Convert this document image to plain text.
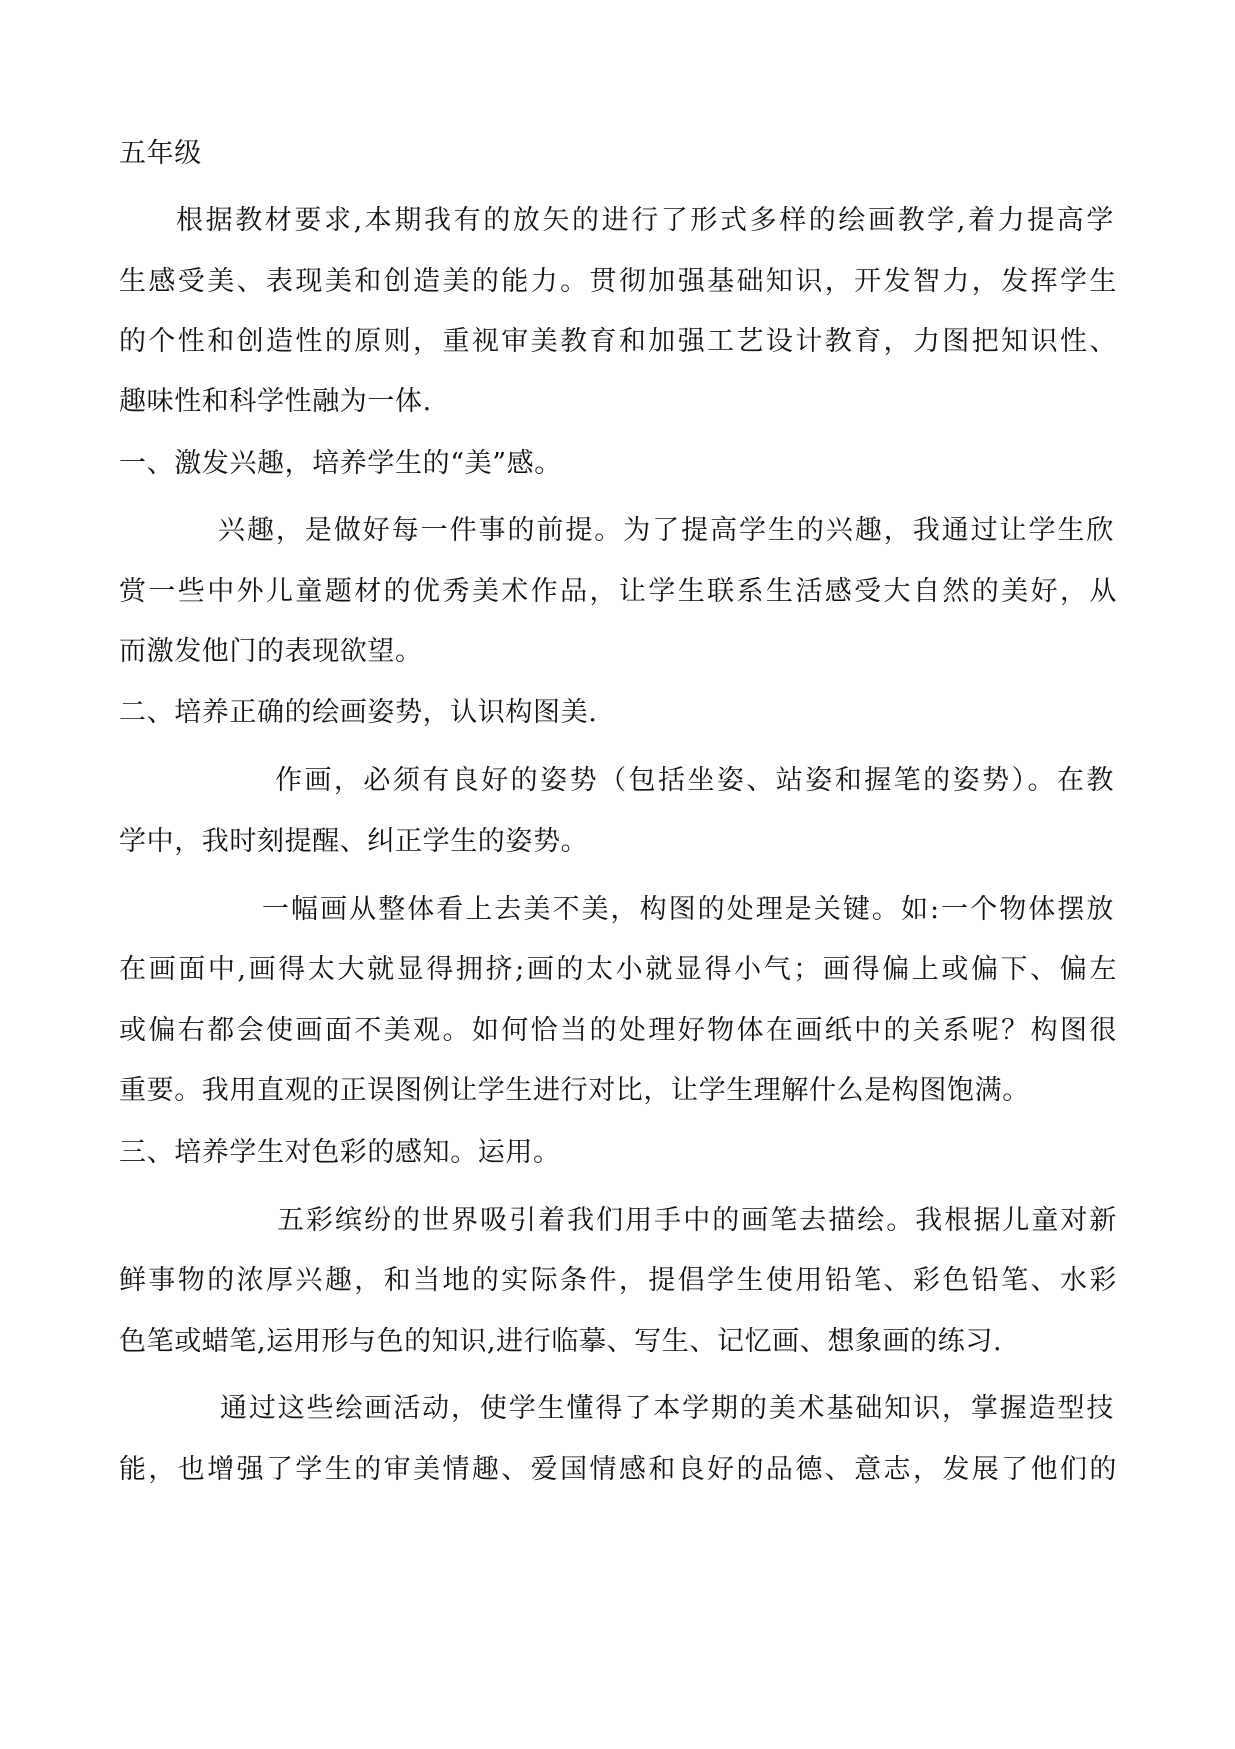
五年级
根据教材要求,本期我有的放矢的进行了形式多样的绘画教学,着力提高学
生感受美、表现美和创造美的能力。贯彻加强基础知识，开发智力，发挥学生
的个性和创造性的原则，重视审美教育和加强工艺设计教育，力图把知识性、
趣味性和科学性融为一体.
一、激发兴趣，培养学生的“美”感。
兴趣，是做好每一件事的前提。为了提高学生的兴趣，我通过让学生欣
赏一些中外儿童题材的优秀美术作品，让学生联系生活感受大自然的美好，从
而激发他门的表现欲望。
二、培养正确的绘画姿势，认识构图美.
作画，必须有良好的姿势（包括坐姿、站姿和握笔的姿势）。在教
学中，我时刻提醒、纠正学生的姿势。
一幅画从整体看上去美不美，构图的处理是关键。如:一个物体摆放
在画面中,画得太大就显得拥挤;画的太小就显得小气；画得偏上或偏下、偏左
或偏右都会使画面不美观。如何恰当的处理好物体在画纸中的关系呢？构图很
重要。我用直观的正误图例让学生进行对比，让学生理解什么是构图饱满。
三、培养学生对色彩的感知。运用。
五彩缤纷的世界吸引着我们用手中的画笔去描绘。我根据儿童对新
鲜事物的浓厚兴趣，和当地的实际条件，提倡学生使用铅笔、彩色铅笔、水彩
色笔或蜡笔,运用形与色的知识,进行临摹、写生、记忆画、想象画的练习.
通过这些绘画活动，使学生懂得了本学期的美术基础知识，掌握造型技
能，也增强了学生的审美情趣、爱国情感和良好的品德、意志，发展了他们的
